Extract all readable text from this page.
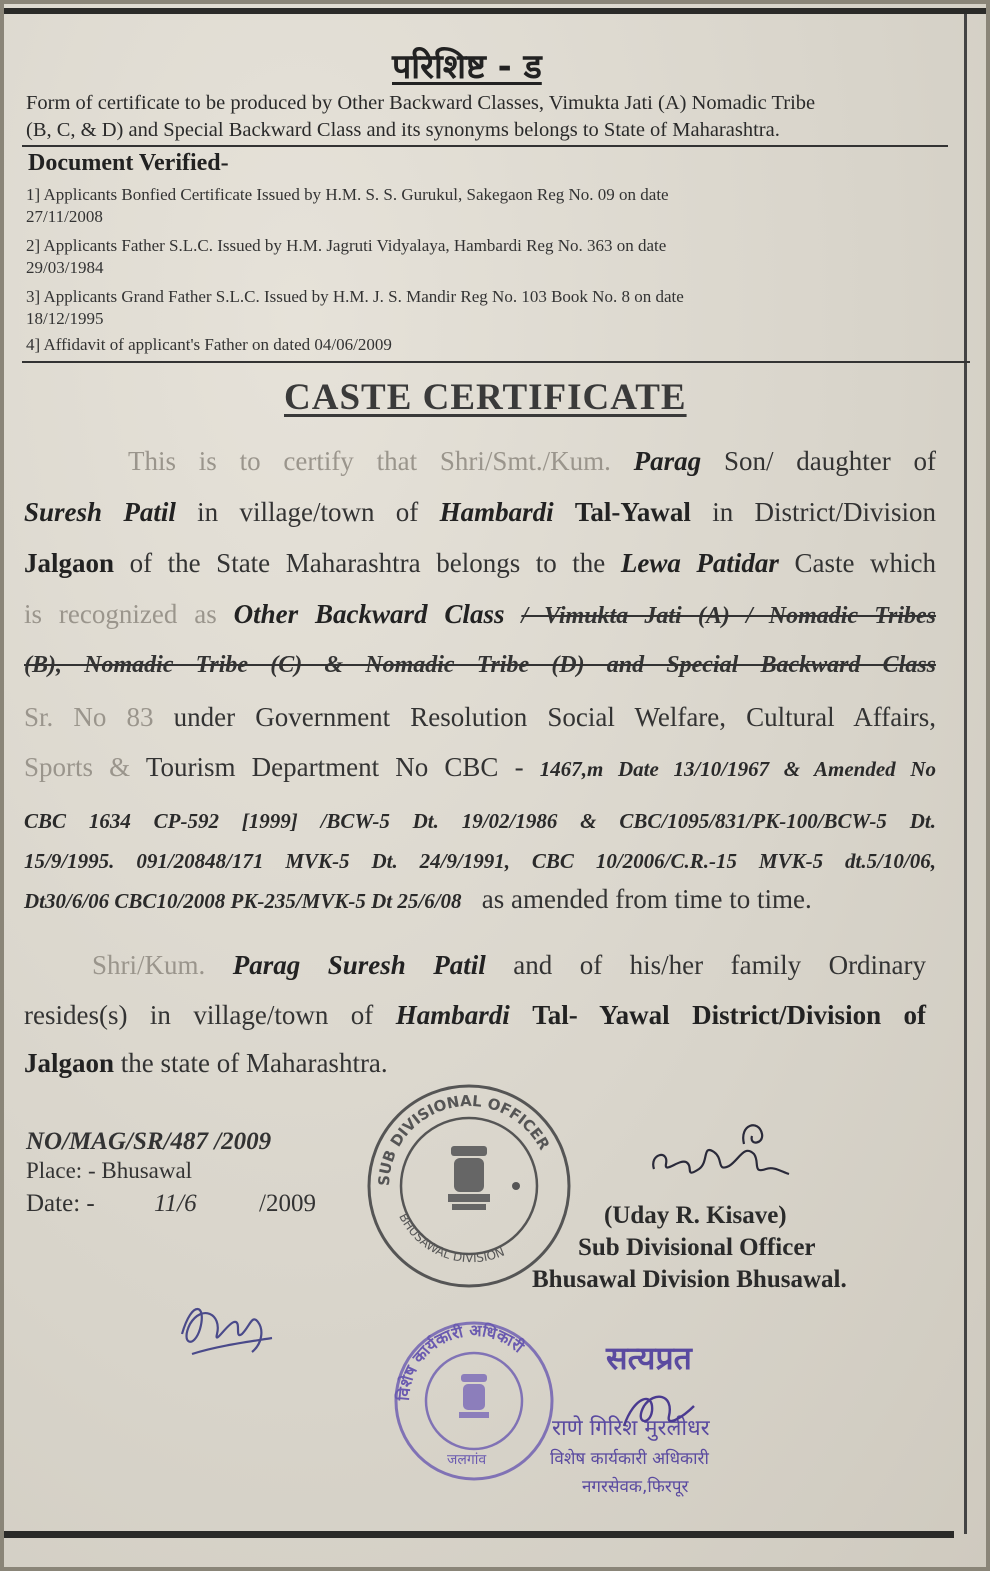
परिशिष्ट - ड
Form of certificate to be produced by Other Backward Classes, Vimukta Jati (A) Nomadic Tribe
(B, C, & D) and Special Backward Class and its synonyms belongs to State of Maharashtra.
Document Verified-
1] Applicants Bonfied Certificate Issued by H.M. S. S. Gurukul, Sakegaon Reg No. 09 on date
27/11/2008
2] Applicants Father S.L.C. Issued by H.M. Jagruti Vidyalaya, Hambardi Reg No. 363 on date
29/03/1984
3] Applicants Grand Father S.L.C. Issued by H.M. J. S. Mandir Reg No. 103 Book No. 8 on date
18/12/1995
4] Affidavit of applicant's Father on dated 04/06/2009
CASTE CERTIFICATE
This is to certify that Shri/Smt./Kum. Parag Son/ daughter of
Suresh Patil in village/town of Hambardi Tal-Yawal in District/Division
Jalgaon of the State Maharashtra belongs to the Lewa Patidar Caste which
is recognized as Other Backward Class / Vimukta Jati (A) / Nomadic Tribes
(B), Nomadic Tribe (C) & Nomadic Tribe (D) and Special Backward Class
Sr. No 83 under Government Resolution Social Welfare, Cultural Affairs,
Sports & Tourism Department No CBC - 1467,m Date 13/10/1967 & Amended No
CBC 1634 CP-592 [1999] /BCW-5 Dt. 19/02/1986 & CBC/1095/831/PK-100/BCW-5 Dt.
15/9/1995. 091/20848/171 MVK-5 Dt. 24/9/1991, CBC 10/2006/C.R.-15 MVK-5 dt.5/10/06,
Dt30/6/06 CBC10/2008 PK-235/MVK-5 Dt 25/6/08 as amended from time to time.
Shri/Kum. Parag Suresh Patil and of his/her family Ordinary
resides(s) in village/town of Hambardi Tal- Yawal District/Division of
Jalgaon the state of Maharashtra.
NO/MAG/SR/487 /2009
Place: - Bhusawal
Date: - 11/6 /2009
SUB DIVISIONAL OFFICER
BHUSAWAL DIVISION
(Uday R. Kisave)
Sub Divisional Officer
Bhusawal Division Bhusawal.
विशेष कार्यकारी अधिकारी
जलगांव
सत्यप्रत
राणे गिरिश मुरलीधर
विशेष कार्यकारी अधिकारी
नगरसेवक,फिरपूर
